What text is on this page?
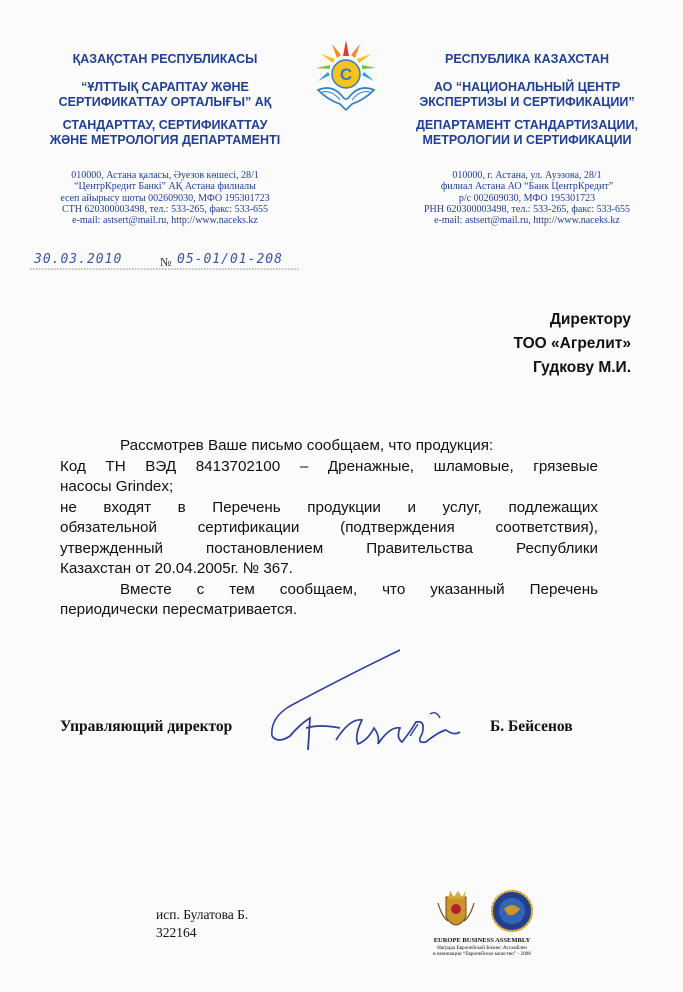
ҚАЗАҚСТАН РЕСПУБЛИКАСЫ
“ҰЛТТЫҚ САРАПТАУ ЖӘНЕ
СЕРТИФИКАТТАУ ОРТАЛЫҒЫ” АҚ
СТАНДАРТТАУ, СЕРТИФИКАТТАУ
ЖӘНЕ МЕТРОЛОГИЯ ДЕПАРТАМЕНТІ
010000, Астана қаласы, Әуезов көшесі, 28/1
“ЦентрКредит Банкі” АҚ Астана филиалы
есеп айырысу шоты 002609030, МФО 195301723
СТН 620300003498, тел.: 533-265, факс: 533-655
e-mail: astsert@mail.ru, http://www.naceks.kz
С
РЕСПУБЛИКА КАЗАХСТАН
АО “НАЦИОНАЛЬНЫЙ ЦЕНТР
ЭКСПЕРТИЗЫ И СЕРТИФИКАЦИИ”
ДЕПАРТАМЕНТ СТАНДАРТИЗАЦИИ,
МЕТРОЛОГИИ И СЕРТИФИКАЦИИ
010000, г. Астана, ул. Ауэзова, 28/1
филиал Астана АО “Банк ЦентрКредит”
р/с 002609030, МФО 195301723
РНН 620300003498, тел.: 533-265, факс: 533-655
e-mail: astsert@mail.ru, http://www.naceks.kz
30.03.2010	№ 05-01/01-208
Директору
ТОО «Агрелит»
Гудкову М.И.
Рассмотрев Ваше письмо сообщаем, что продукция:
Код ТН ВЭД 8413702100 – Дренажные, шламовые, грязевые
насосы Grindex;
не входят в Перечень продукции и услуг, подлежащих
обязательной сертификации (подтверждения соответствия),
утвержденный постановлением Правительства Республики
Казахстан от 20.04.2005г. № 367.
Вместе с тем сообщаем, что указанный Перечень
периодически пересматривается.
Управляющий директор	Б. Бейсенов
исп. Булатова Б.
322164
EUROPE BUSINESS ASSEMBLY
Награда Европейской Бизнес Ассамблеи
в номинации “Европейское качество” - 2008
